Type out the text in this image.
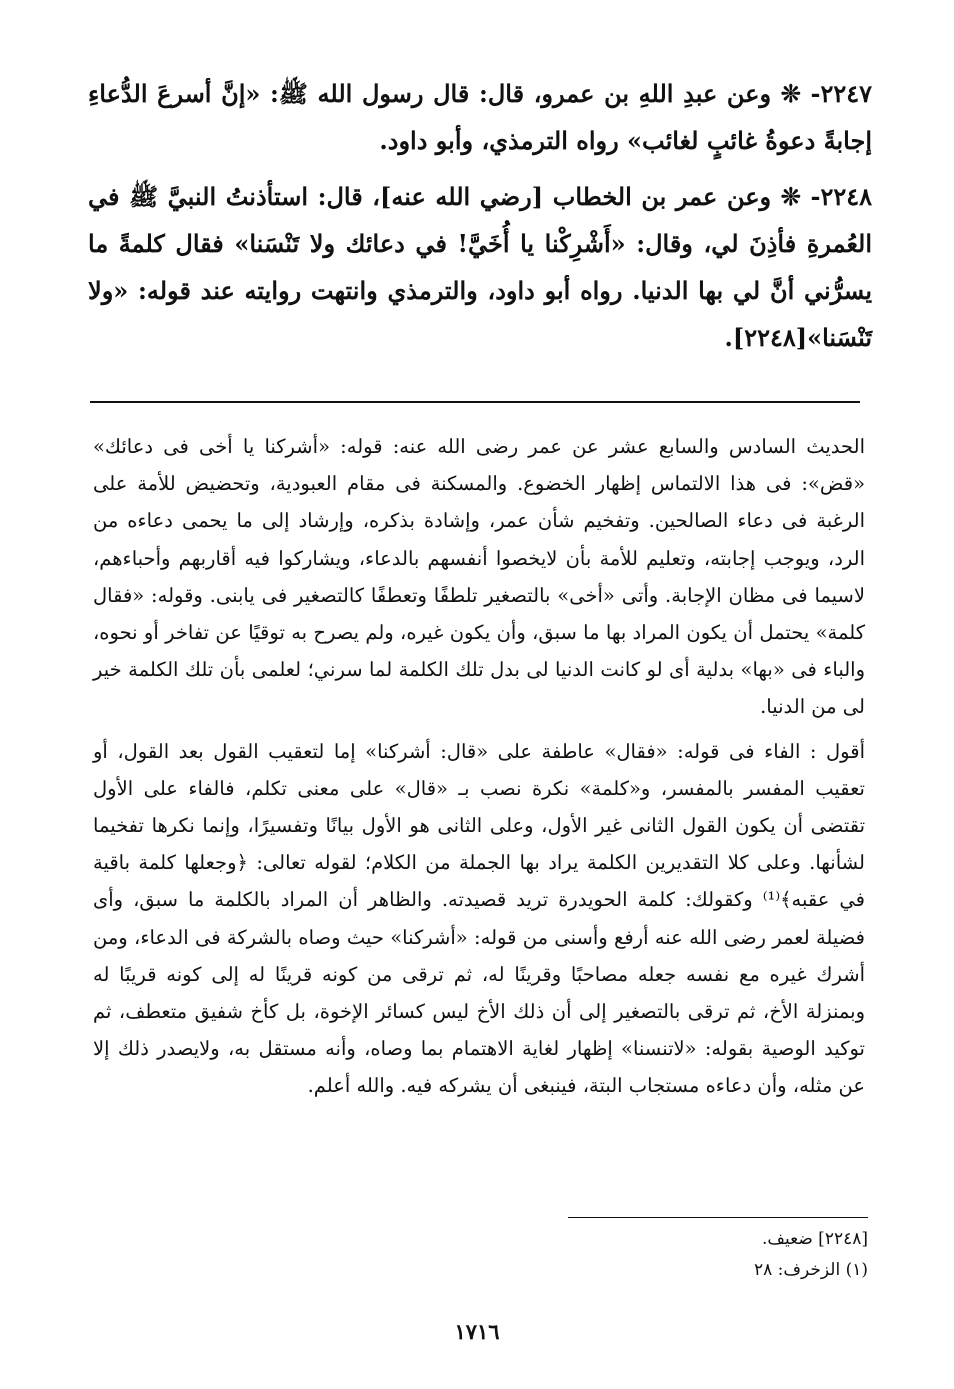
٢٢٤٧- ❊ وعن عبدِ اللهِ بن عمرو، قال: قال رسول الله ﷺ: «إنَّ أسرعَ الدُّعاءِ إجابةً دعوةُ غائبٍ لغائب» رواه الترمذي، وأبو داود.

٢٢٤٨- ❊ وعن عمر بن الخطاب [رضي الله عنه]، قال: استأذنتُ النبيَّ ﷺ في العُمرةِ فأذِنَ لي، وقال: «أَشْرِكْنا يا أُخَيَّ! في دعائك ولا تَنْسَنا» فقال كلمةً ما يسرُّني أنَّ لي بها الدنيا. رواه أبو داود، والترمذي وانتهت روايته عند قوله: «ولا تَنْسَنا»[٢٢٤٨].

الحديث السادس والسابع عشر عن عمر رضى الله عنه: قوله: «أشركنا يا أخى فى دعائك» «قض»: فى هذا الالتماس إظهار الخضوع. والمسكنة فى مقام العبودية، وتحضيض للأمة على الرغبة فى دعاء الصالحين. وتفخيم شأن عمر، وإشادة بذكره، وإرشاد إلى ما يحمى دعاءه من الرد، ويوجب إجابته، وتعليم للأمة بأن لايخصوا أنفسهم بالدعاء، ويشاركوا فيه أقاربهم وأحباءهم، لاسيما فى مظان الإجابة. وأتى «أخى» بالتصغير تلطفًا وتعطفًا كالتصغير فى يابنى. وقوله: «فقال كلمة» يحتمل أن يكون المراد بها ما سبق، وأن يكون غيره، ولم يصرح به توقيًا عن تفاخر أو نحوه، والباء فى «بها» بدلية أى لو كانت الدنيا لى بدل تلك الكلمة لما سرني؛ لعلمى بأن تلك الكلمة خير لى من الدنيا.

أقول : الفاء فى قوله: «فقال» عاطفة على «قال: أشركنا» إما لتعقيب القول بعد القول، أو تعقيب المفسر بالمفسر، و«كلمة» نكرة نصب بـ «قال» على معنى تكلم، فالفاء على الأول تقتضى أن يكون القول الثانى غير الأول، وعلى الثانى هو الأول بيانًا وتفسيرًا، وإنما نكرها تفخيما لشأنها. وعلى كلا التقديرين الكلمة يراد بها الجملة من الكلام؛ لقوله تعالى: ﴿وجعلها كلمة باقية في عقبه﴾⁽¹⁾ وكقولك: كلمة الحويدرة تريد قصيدته. والظاهر أن المراد بالكلمة ما سبق، وأى فضيلة لعمر رضى الله عنه أرفع وأسنى من قوله: «أشركنا» حيث وصاه بالشركة فى الدعاء، ومن أشرك غيره مع نفسه جعله مصاحبًا وقرينًا له، ثم ترقى من كونه قرينًا له إلى كونه قريبًا له وبمنزلة الأخ، ثم ترقى بالتصغير إلى أن ذلك الأخ ليس كسائر الإخوة، بل كأخ شفيق متعطف، ثم توكيد الوصية بقوله: «لاتنسنا» إظهار لغاية الاهتمام بما وصاه، وأنه مستقل به، ولايصدر ذلك إلا عن مثله، وأن دعاءه مستجاب البتة، فينبغى أن يشركه فيه. والله أعلم.

[٢٢٤٨] ضعيف.
(١) الزخرف: ٢٨
١٧١٦
